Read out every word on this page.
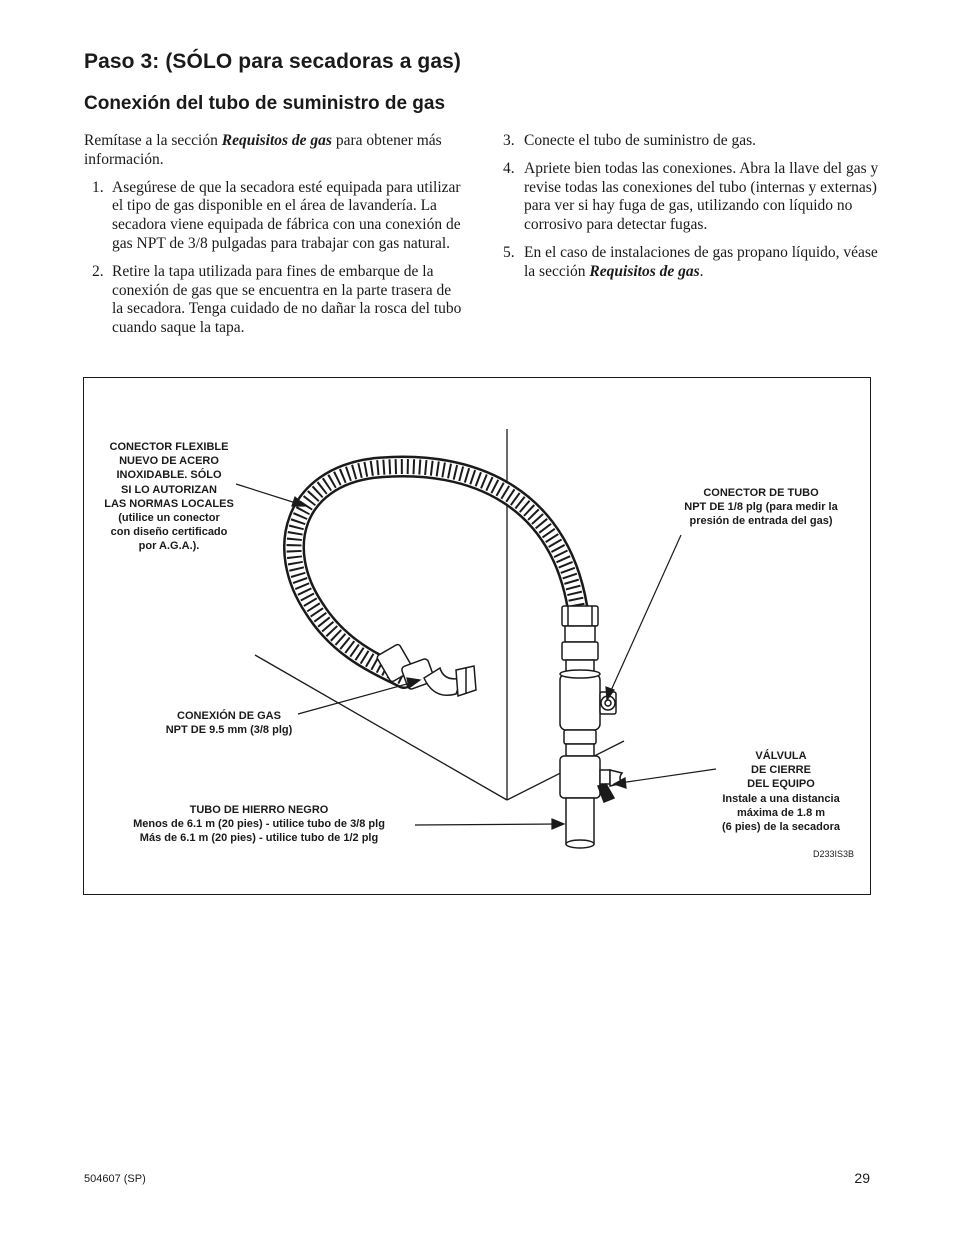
Paso 3: (SÓLO para secadoras a gas)
Conexión del tubo de suministro de gas

Remítase a la sección Requisitos de gas para obtener más información.

1. Asegúrese de que la secadora esté equipada para utilizar el tipo de gas disponible en el área de lavandería. La secadora viene equipada de fábrica con una conexión de gas NPT de 3/8 pulgadas para trabajar con gas natural.
2. Retire la tapa utilizada para fines de embarque de la conexión de gas que se encuentra en la parte trasera de la secadora. Tenga cuidado de no dañar la rosca del tubo cuando saque la tapa.
3. Conecte el tubo de suministro de gas.
4. Apriete bien todas las conexiones. Abra la llave del gas y revise todas las conexiones del tubo (internas y externas) para ver si hay fuga de gas, utilizando con líquido no corrosivo para detectar fugas.
5. En el caso de instalaciones de gas propano líquido, véase la sección Requisitos de gas.
CONECTOR FLEXIBLE
NUEVO DE ACERO
INOXIDABLE. SÓLO
SI LO AUTORIZAN
LAS NORMAS LOCALES
(utilice un conector
con diseño certificado
por A.G.A.).
CONECTOR DE TUBO
NPT DE 1/8 plg (para medir la
presión de entrada del gas)
CONEXIÓN DE GAS
NPT DE 9.5 mm (3/8 plg)
VÁLVULA
DE CIERRE
DEL EQUIPO
Instale a una distancia
máxima de 1.8 m
(6 pies) de la secadora
TUBO DE HIERRO NEGRO
Menos de 6.1 m (20 pies) - utilice tubo de 3/8 plg
Más de 6.1 m (20 pies) - utilice tubo de 1/2 plg
D233IS3B
504607 (SP)	29
